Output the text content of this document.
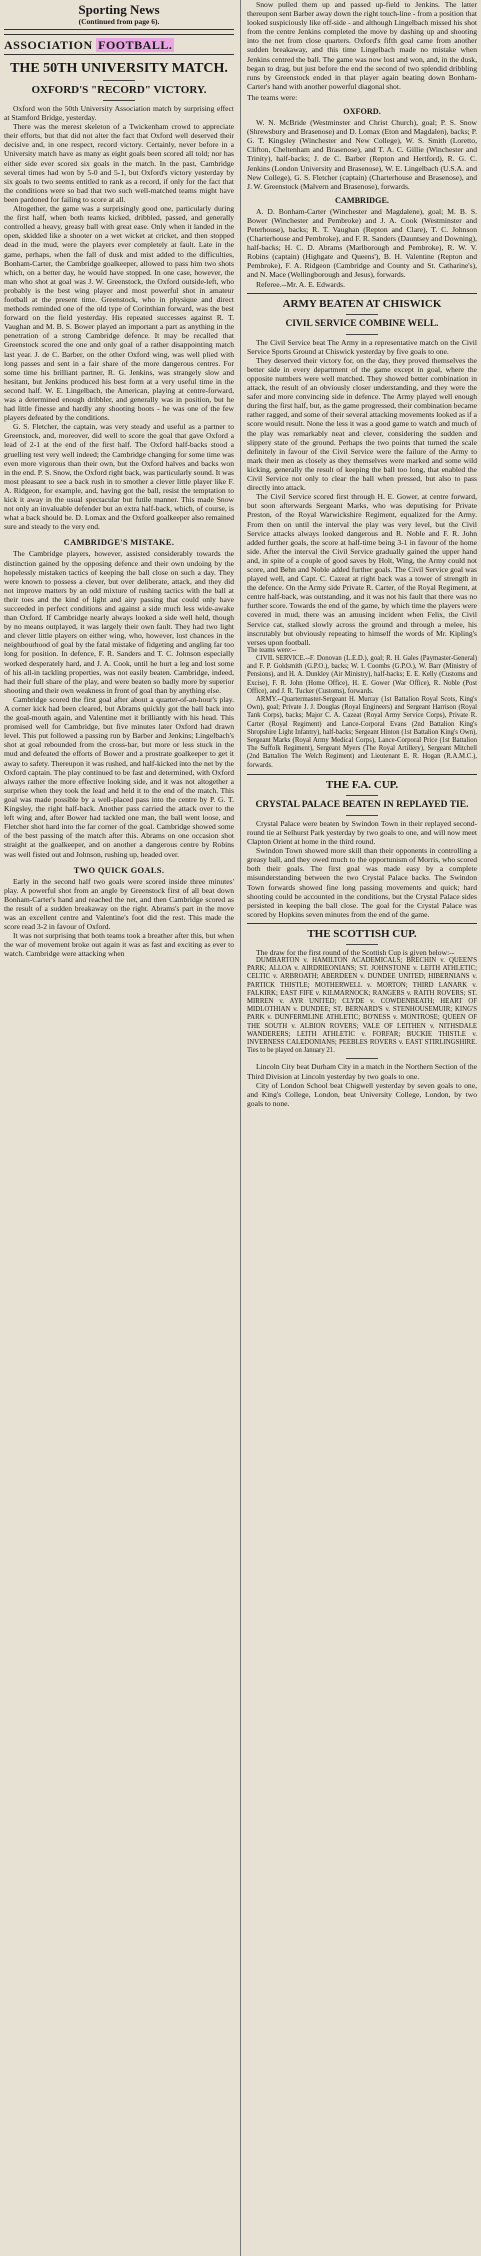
Sporting News
(Continued from page 6).
ASSOCIATION FOOTBALL.
THE 50TH UNIVERSITY MATCH.
OXFORD'S "RECORD" VICTORY.

Oxford won the 50th University Association match by surprising effect at Stamford Bridge, yesterday.

There was the merest skeleton of a Twickenham crowd to appreciate their efforts, but that did not alter the fact that Oxford well deserved their decisive and, in one respect, record victory. Certainly, never before in a University match have as many as eight goals been scored all told; nor has either side ever scored six goals in the match. In the past, Cambridge several times had won by 5-0 and 5-1, but Oxford's victory yesterday by six goals to two seems entitled to rank as a record, if only for the fact that the conditions were so bad that two such well-matched teams might have been pardoned for failing to score at all.

Altogether, the game was a surprisingly good one, particularly during the first half, when both teams kicked, dribbled, passed, and generally controlled a heavy, greasy ball with great ease. Only when it landed in the open, skidded like a shooter on a wet wicket at cricket, and then stopped dead in the mud, were the players ever completely at fault. Late in the game, perhaps, when the fall of dusk and mist added to the difficulties, Bonham-Carter, the Cambridge goalkeeper, allowed to pass him two shots which, on a better day, he would have stopped. In one case, however, the man who shot at goal was J. W. Greenstock, the Oxford outside-left, who probably is the best wing player and most powerful shot in amateur football at the present time. Greenstock, who in physique and direct methods reminded one of the old type of Corinthian forward, was the best forward on the field yesterday. His repeated successes against R. T. Vaughan and M. B. S. Bower played an important a part as anything in the penetration of a strong Cambridge defence. It may be recalled that Greenstock scored the one and only goal of a rather disappointing match last year. J. de C. Barber, on the other Oxford wing, was well plied with long passes and sent in a fair share of the more dangerous centres. For some time his brilliant partner, R. G. Jenkins, was strangely slow and hesitant, but Jenkins produced his best form at a very useful time in the second half. W. E. Lingelbach, the American, playing at centre-forward, was a determined enough dribbler, and generally was in position, but he had little finesse and hardly any shooting boots - he was one of the few players defeated by the conditions.

G. S. Fletcher, the captain, was very steady and useful as a partner to Greenstock, and, moreover, did well to score the goal that gave Oxford a lead of 2-1 at the end of the first half. The Oxford half-backs stood a gruelling test very well indeed; the Cambridge changing for some time was even more vigorous than their own, but the Oxford halves and backs won in the end. P. S. Snow, the Oxford right back, was particularly sound. It was most pleasant to see a back rush in to smother a clever little player like F. A. Ridgeon, for example, and, having got the ball, resist the temptation to kick it away in the usual spectacular but futile manner. This made Snow not only an invaluable defender but an extra half-back, which, of course, is what a back should be. D. Lomax and the Oxford goalkeeper also remained sure and steady to the very end.

CAMBRIDGE'S MISTAKE.

The Cambridge players, however, assisted considerably towards the distinction gained by the opposing defence and their own undoing by the hopelessly mistaken tactics of keeping the ball close on such a day. They were known to possess a clever, but over deliberate, attack, and they did not improve matters by an odd mixture of rushing tactics with the ball at their toes and the kind of light and airy passing that could only have succeeded in perfect conditions and against a side much less wide-awake than Oxford. If Cambridge nearly always looked a side well held, though by no means outplayed, it was largely their own fault. They had two light and clever little players on either wing, who, however, lost chances in the neighbourhood of goal by the fatal mistake of fidgeting and angling far too long for position. In defence, F. R. Sanders and T. C. Johnson especially worked desperately hard, and J. A. Cook, until he hurt a leg and lost some of his all-in tackling properties, was not easily beaten. Cambridge, indeed, had their full share of the play, and were beaten so badly more by superior shooting and their own weakness in front of goal than by anything else.

Cambridge scored the first goal after about a quarter-of-an-hour's play. A corner kick had been cleared, but Abrams quickly got the ball back into the goal-mouth again, and Valentine met it brilliantly with his head. This promised well for Cambridge, but five minutes later Oxford had drawn level. This put followed a passing run by Barber and Jenkins; Lingelbach's shot at goal rebounded from the cross-bar, but more or less stuck in the mud and defeated the efforts of Bower and a prostrate goalkeeper to get it away to safety. Thereupon it was rushed, and half-kicked into the net by the Oxford captain. The play continued to be fast and determined, with Oxford always rather the more effective looking side, and it was not altogether a surprise when they took the lead and held it to the end of the match. This goal was made possible by a well-placed pass into the centre by P. G. T. Kingsley, the right half-back. Another pass carried the attack over to the left wing and, after Bower had tackled one man, the ball went loose, and Fletcher shot hard into the far corner of the goal. Cambridge showed some of the best passing of the match after this. Abrams on one occasion shot straight at the goalkeeper, and on another a dangerous centre by Robins was well fisted out and Johnson, rushing up, headed over.

TWO QUICK GOALS.

Early in the second half two goals were scored inside three minutes' play. A powerful shot from an angle by Greenstock first of all beat down Bonham-Carter's hand and reached the net, and then Cambridge scored as the result of a sudden breakaway on the right. Abrams's part in the move was an excellent centre and Valentine's foot did the rest. This made the score read 3-2 in favour of Oxford.

It was not surprising that both teams took a breather after this, but when the war of movement broke out again it was as fast and exciting as ever to watch. Cambridge were attacking when

Snow pulled them up and passed up-field to Jenkins. The latter thereupon sent Barber away down the right touch-line - from a position that looked suspiciously like off-side - and although Lingelbach missed his shot from the centre Jenkins completed the move by dashing up and shooting into the net from close quarters. Oxford's fifth goal came from another sudden breakaway, and this time Lingelbach made no mistake when Jenkins centred the ball. The game was now lost and won, and, in the dusk, began to drag, but just before the end the second of two splendid dribbling runs by Greenstock ended in that player again beating down Bonham-Carter's hand with another powerful diagonal shot.

The teams were:

OXFORD.

W. N. McBride (Westminster and Christ Church), goal; P. S. Snow (Shrewsbury and Brasenose) and D. Lomax (Eton and Magdalen), backs; P. G. T. Kingsley (Winchester and New College), W. S. Smith (Loretto, Clifton, Cheltenham and Brasenose), and T. A. C. Gillie (Winchester and Trinity), half-backs; J. de C. Barber (Repton and Hertford), R. G. C. Jenkins (London University and Brasenose), W. E. Lingelbach (U.S.A. and New College), G. S. Fletcher (captain) (Charterhouse and Brasenose), and J. W. Greenstock (Malvern and Brasenose), forwards.

CAMBRIDGE.

A. D. Bonham-Carter (Winchester and Magdalene), goal; M. B. S. Bower (Winchester and Pembroke) and J. A. Cook (Westminster and Peterhouse), backs; R. T. Vaughan (Repton and Clare), T. C. Johnson (Charterhouse and Pembroke), and F. R. Sanders (Dauntsey and Downing), half-backs; H. C. D. Abrams (Marlborough and Pembroke), R. W. V. Robins (captain) (Highgate and Queens'), B. H. Valentine (Repton and Pembroke), F. A. Ridgeon (Cambridge and County and St. Catharine's), and N. Mace (Wellingborough and Jesus), forwards.

Referee.--Mr. A. E. Edwards.

ARMY BEATEN AT CHISWICK
CIVIL SERVICE COMBINE WELL.

The Civil Service beat The Army in a representative match on the Civil Service Sports Ground at Chiswick yesterday by five goals to one.

They deserved their victory for, on the day, they proved themselves the better side in every department of the game except in goal, where the opposite numbers were well matched. They showed better combination in attack, the result of an obviously closer understanding, and they were the safer and more convincing side in defence. The Army played well enough during the first half, but, as the game progressed, their combination became rather ragged, and some of their several attacking movements looked as if a score would result. None the less it was a good game to watch and much of the play was remarkably neat and clever, considering the sudden and slippery state of the ground. Perhaps the two points that turned the scale definitely in favour of the Civil Service were the failure of the Army to mark their men as closely as they themselves were marked and some wild kicking, generally the result of keeping the ball too long, that enabled the Civil Service not only to clear the ball when pressed, but also to pass directly into attack.

The Civil Service scored first through H. E. Gower, at centre forward, but soon afterwards Sergeant Marks, who was deputising for Private Preston, of the Royal Warwickshire Regiment, equalized for the Army. From then on until the interval the play was very level, but the Civil Service attacks always looked dangerous and R. Noble and F. R. John added further goals, the score at half-time being 3-1 in favour of the home side. After the interval the Civil Service gradually gained the upper hand and, in spite of a couple of good saves by Holt, Wing, the Army could not score, and Behn and Noble added further goals. The Civil Service goal was played well, and Capt. C. Cazeat at right back was a tower of strength in the defence. On the Army side Private R. Carter, of the Royal Regiment, at centre half-back, was outstanding, and it was not his fault that there was no further score. Towards the end of the game, by which time the players were covered in mud, there was an amusing incident when Felix, the Civil Service cat, stalked slowly across the ground and through a melee, his inscrutably but obviously repeating to himself the words of Mr. Kipling's verses upon football.

The teams were:--

CIVIL SERVICE.--F. Donovan (L.E.D.), goal; R. H. Gales (Paymaster-General) and F. P. Goldsmith (G.P.O.), backs; W. I. Coombs (G.P.O.), W. Barr (Ministry of Pensions), and H. A. Dunkley (Air Ministry), half-backs; E. E. Kelly (Customs and Excise), F. R. John (Home Office), H. E. Gower (War Office), R. Noble (Post Office), and J. R. Tucker (Customs), forwards.

ARMY.--Quartermaster-Sergeant H. Murray (1st Battalion Royal Scots, King's Own), goal; Private J. J. Douglas (Royal Engineers) and Sergeant Harrison (Royal Tank Corps), backs; Major C. A. Cazeat (Royal Army Service Corps), Private R. Carter (Royal Regiment) and Lance-Corporal Evans (2nd Battalion King's Shropshire Light Infantry), half-backs; Sergeant Hinton (1st Battalion King's Own), Sergeant Marks (Royal Army Medical Corps), Lance-Corporal Price (1st Battalion The Suffolk Regiment), Sergeant Myers (The Royal Artillery), Sergeant Mitchell (2nd Battalion The Welch Regiment) and Lieutenant E. R. Hogan (R.A.M.C.), forwards.

THE F.A. CUP.
CRYSTAL PALACE BEATEN IN REPLAYED TIE.

Crystal Palace were beaten by Swindon Town in their replayed second-round tie at Selhurst Park yesterday by two goals to one, and will now meet Clapton Orient at home in the third round.

Swindon Town showed more skill than their opponents in controlling a greasy ball, and they owed much to the opportunism of Morris, who scored both their goals. The first goal was made easy by a complete misunderstanding between the two Crystal Palace backs. The Swindon Town forwards showed fine long passing movements and quick; hard shooting could be accounted in the conditions, but the Crystal Palace sides persisted in keeping the ball close. The goal for the Crystal Palace was scored by Hopkins seven minutes from the end of the game.

THE SCOTTISH CUP.

The draw for the first round of the Scottish Cup is given below:--

DUMBARTON v. HAMILTON ACADEMICALS; BRECHIN v. QUEEN'S PARK; ALLOA v. AIRDRIEONIANS; ST. JOHNSTONE v. LEITH ATHLETIC; CELTIC v. ARBROATH; ABERDEEN v. DUNDEE UNITED; HIBERNIANS v. PARTICK THISTLE; MOTHERWELL v. MORTON; THIRD LANARK v. FALKIRK; EAST FIFE v. KILMARNOCK; RANGERS v. RAITH ROVERS; ST. MIRREN v. AYR UNITED; CLYDE v. COWDENBEATH; HEART OF MIDLOTHIAN v. DUNDEE; ST. BERNARD'S v. STENHOUSEMUIR; KING'S PARK v. DUNFERMLINE ATHLETIC; BO'NESS v. MONTROSE; QUEEN OF THE SOUTH v. ALBION ROVERS; VALE OF LEITHEN v. NITHSDALE WANDERERS; LEITH ATHLETIC v. FORFAR; BUCKIE THISTLE v. INVERNESS CALEDONIANS; PEEBLES ROVERS v. EAST STIRLINGSHIRE. Ties to be played on January 21.

Lincoln City beat Durham City in a match in the Northern Section of the Third Division at Lincoln yesterday by two goals to one.

City of London School beat Chigwell yesterday by seven goals to one, and King's College, London, beat University College, London, by two goals to none.
